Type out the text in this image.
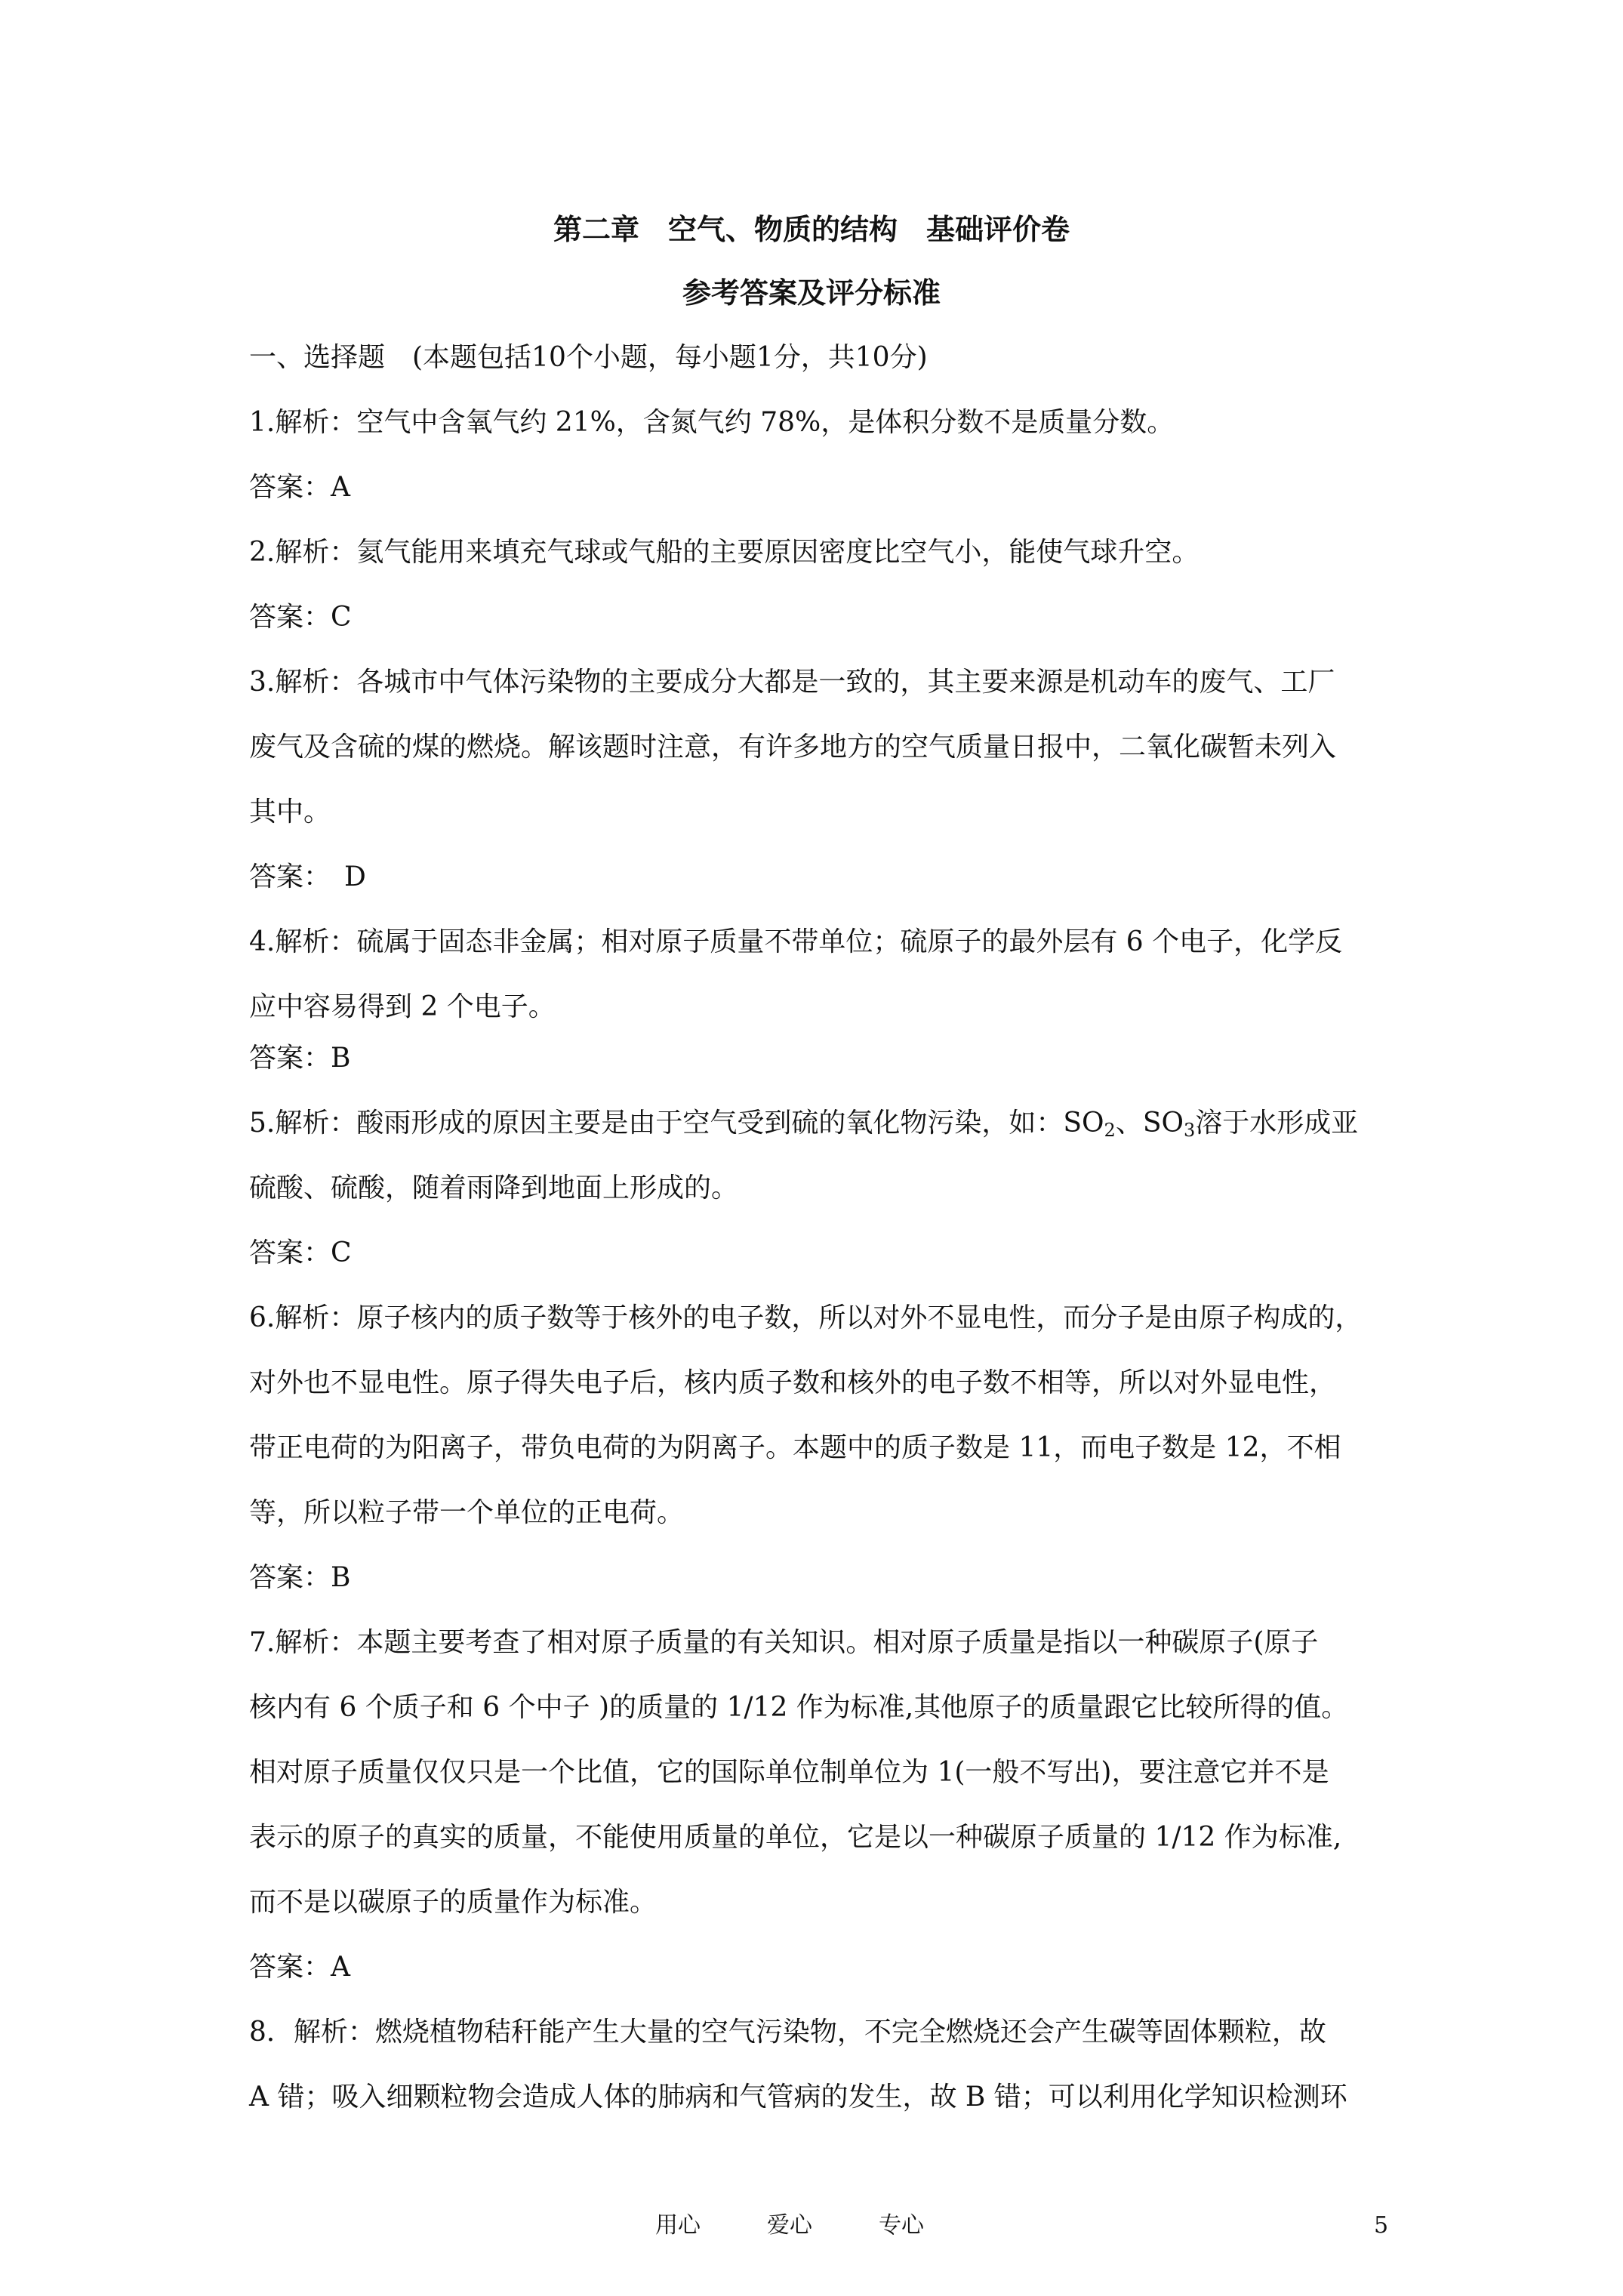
第二章　空气、物质的结构　基础评价卷
参考答案及评分标准
一、选择题　(本题包括10个小题，每小题1分，共10分)
1.解析：空气中含氧气约 21%，含氮气约 78%，是体积分数不是质量分数。
答案：A
2.解析：氦气能用来填充气球或气船的主要原因密度比空气小，能使气球升空。
答案：C
3.解析：各城市中气体污染物的主要成分大都是一致的，其主要来源是机动车的废气、工厂
废气及含硫的煤的燃烧。解该题时注意，有许多地方的空气质量日报中，二氧化碳暂未列入
其中。
答案：　D
4.解析：硫属于固态非金属；相对原子质量不带单位；硫原子的最外层有 6 个电子，化学反
应中容易得到 2 个电子。
答案：B
5.解析：酸雨形成的原因主要是由于空气受到硫的氧化物污染，如：$SO_2$、$SO_3$溶于水形成亚
硫酸、硫酸，随着雨降到地面上形成的。
答案：C
6.解析：原子核内的质子数等于核外的电子数，所以对外不显电性，而分子是由原子构成的，
对外也不显电性。原子得失电子后，核内质子数和核外的电子数不相等，所以对外显电性，
带正电荷的为阳离子，带负电荷的为阴离子。本题中的质子数是 11，而电子数是 12，不相
等，所以粒子带一个单位的正电荷。
答案：B
7.解析：本题主要考查了相对原子质量的有关知识。相对原子质量是指以一种碳原子(原子
核内有 6 个质子和 6 个中子 )的质量的 1/12 作为标准,其他原子的质量跟它比较所得的值。
相对原子质量仅仅只是一个比值，它的国际单位制单位为 1(一般不写出)，要注意它并不是
表示的原子的真实的质量，不能使用质量的单位，它是以一种碳原子质量的 1/12 作为标准,
而不是以碳原子的质量作为标准。
答案：A
8．解析：燃烧植物秸秆能产生大量的空气污染物，不完全燃烧还会产生碳等固体颗粒，故
A 错；吸入细颗粒物会造成人体的肺病和气管病的发生，故 B 错；可以利用化学知识检测环
用心	爱心	专心	5
